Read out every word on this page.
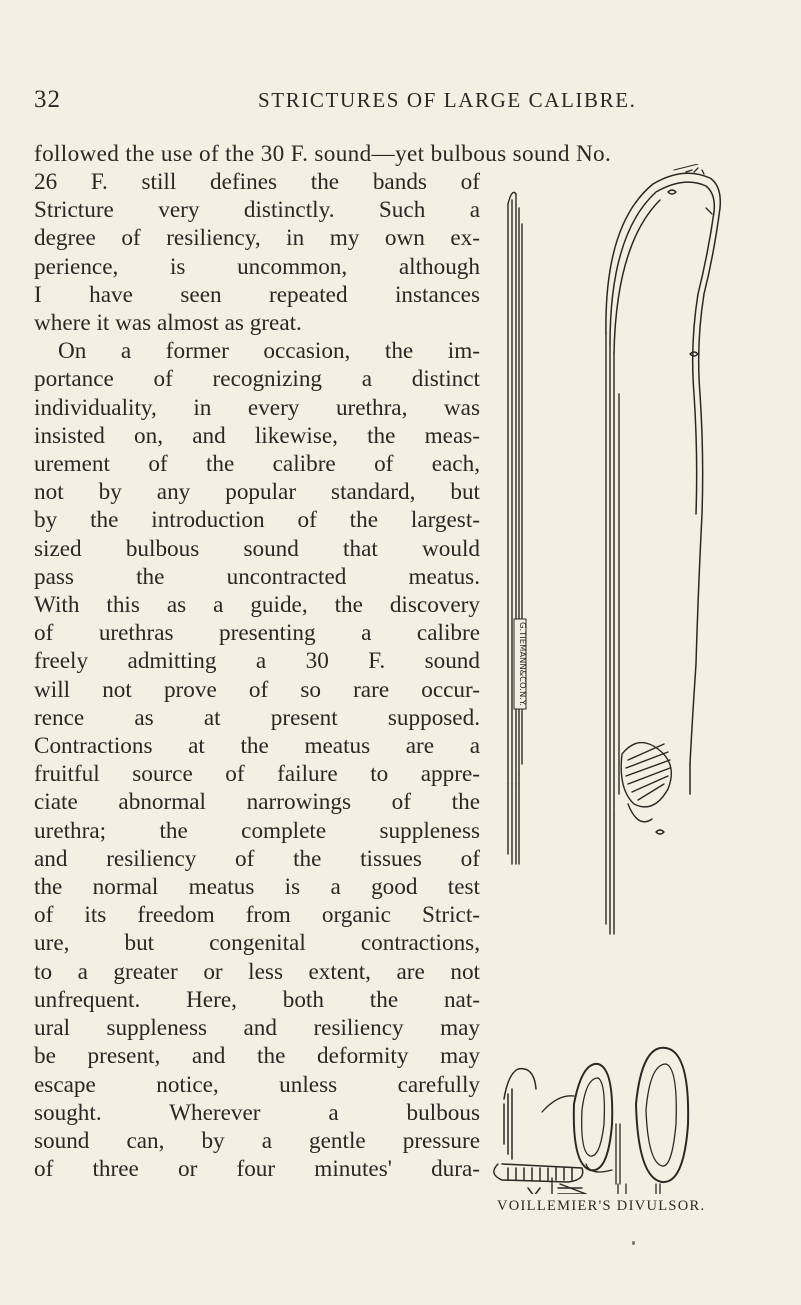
32	STRICTURES OF LARGE CALIBRE.
followed the use of the 30 F. sound—yet bulbous sound No.
26 F. still defines the bands of
Stricture very distinctly. Such a
degree of resiliency, in my own ex-
perience, is uncommon, although
I have seen repeated instances
where it was almost as great.
On a former occasion, the im-
portance of recognizing a distinct
individuality, in every urethra, was
insisted on, and likewise, the meas-
urement of the calibre of each,
not by any popular standard, but
by the introduction of the largest-
sized bulbous sound that would
pass the uncontracted meatus.
With this as a guide, the discovery
of urethras presenting a calibre
freely admitting a 30 F. sound
will not prove of so rare occur-
rence as at present supposed.
Contractions at the meatus are a
fruitful source of failure to appre-
ciate abnormal narrowings of the
urethra; the complete suppleness
and resiliency of the tissues of
the normal meatus is a good test
of its freedom from organic Strict-
ure, but congenital contractions,
to a greater or less extent, are not
unfrequent. Here, both the nat-
ural suppleness and resiliency may
be present, and the deformity may
escape notice, unless carefully
sought. Wherever a bulbous
sound can, by a gentle pressure
of three or four minutes' dura-
G.TIEMANN&CO.N.Y.
VOILLEMIER'S DIVULSOR.
